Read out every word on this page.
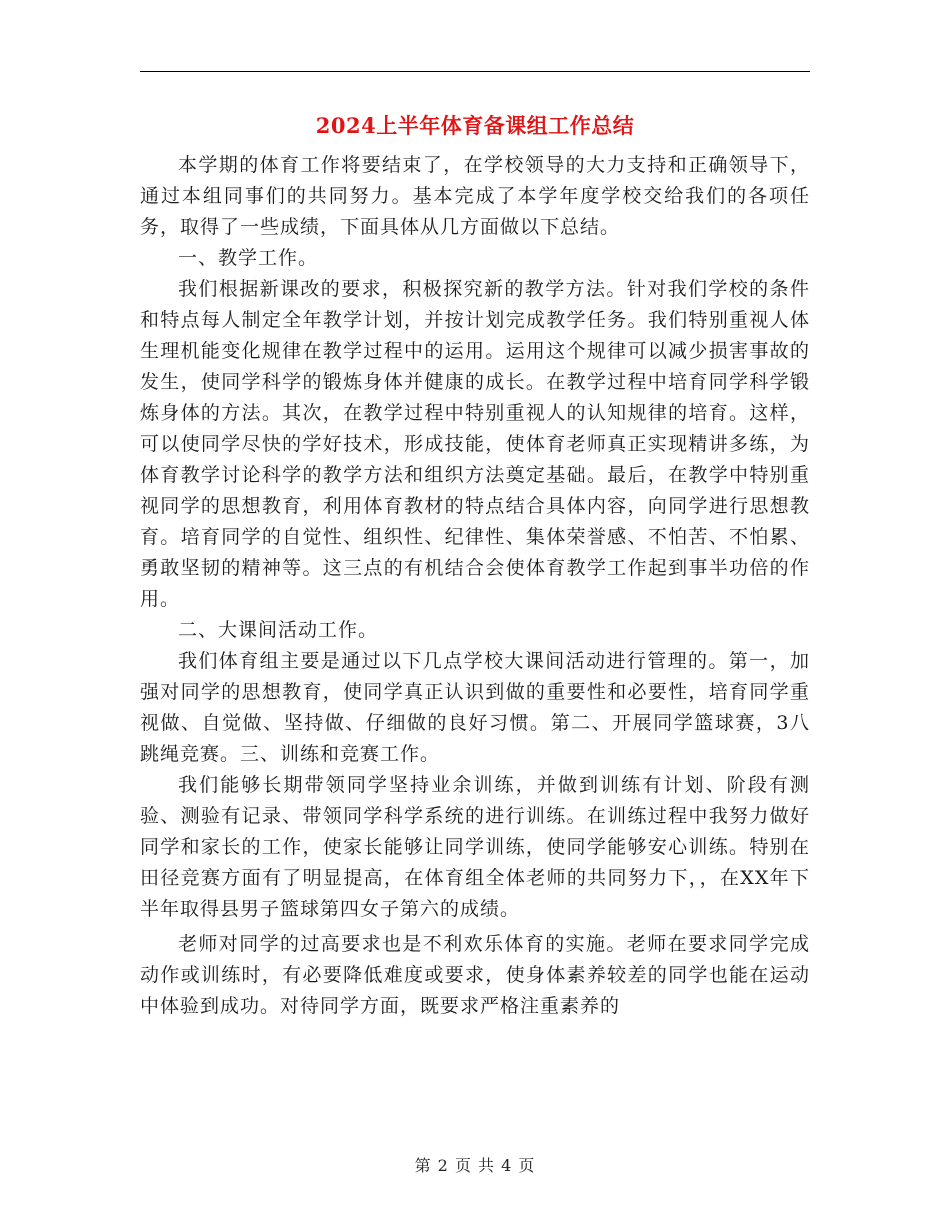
2024上半年体育备课组工作总结

本学期的体育工作将要结束了，在学校领导的大力支持和正确领导下，通过本组同事们的共同努力。基本完成了本学年度学校交给我们的各项任务，取得了一些成绩，下面具体从几方面做以下总结。

一、教学工作。

我们根据新课改的要求，积极探究新的教学方法。针对我们学校的条件和特点每人制定全年教学计划，并按计划完成教学任务。我们特别重视人体生理机能变化规律在教学过程中的运用。运用这个规律可以减少损害事故的发生，使同学科学的锻炼身体并健康的成长。在教学过程中培育同学科学锻炼身体的方法。其次，在教学过程中特别重视人的认知规律的培育。这样，可以使同学尽快的学好技术，形成技能，使体育老师真正实现精讲多练，为体育教学讨论科学的教学方法和组织方法奠定基础。最后，在教学中特别重视同学的思想教育，利用体育教材的特点结合具体内容，向同学进行思想教育。培育同学的自觉性、组织性、纪律性、集体荣誉感、不怕苦、不怕累、勇敢坚韧的精神等。这三点的有机结合会使体育教学工作起到事半功倍的作用。

二、大课间活动工作。

我们体育组主要是通过以下几点学校大课间活动进行管理的。第一，加强对同学的思想教育，使同学真正认识到做的重要性和必要性，培育同学重视做、自觉做、坚持做、仔细做的良好习惯。第二、开展同学篮球赛，3八跳绳竞赛。三、训练和竞赛工作。

我们能够长期带领同学坚持业余训练，并做到训练有计划、阶段有测验、测验有记录、带领同学科学系统的进行训练。在训练过程中我努力做好同学和家长的工作，使家长能够让同学训练，使同学能够安心训练。特别在田径竞赛方面有了明显提高，在体育组全体老师的共同努力下，，在XX年下半年取得县男子篮球第四女子第六的成绩。

老师对同学的过高要求也是不利欢乐体育的实施。老师在要求同学完成动作或训练时，有必要降低难度或要求，使身体素养较差的同学也能在运动中体验到成功。对待同学方面，既要求严格注重素养的

第 2 页 共 4 页
